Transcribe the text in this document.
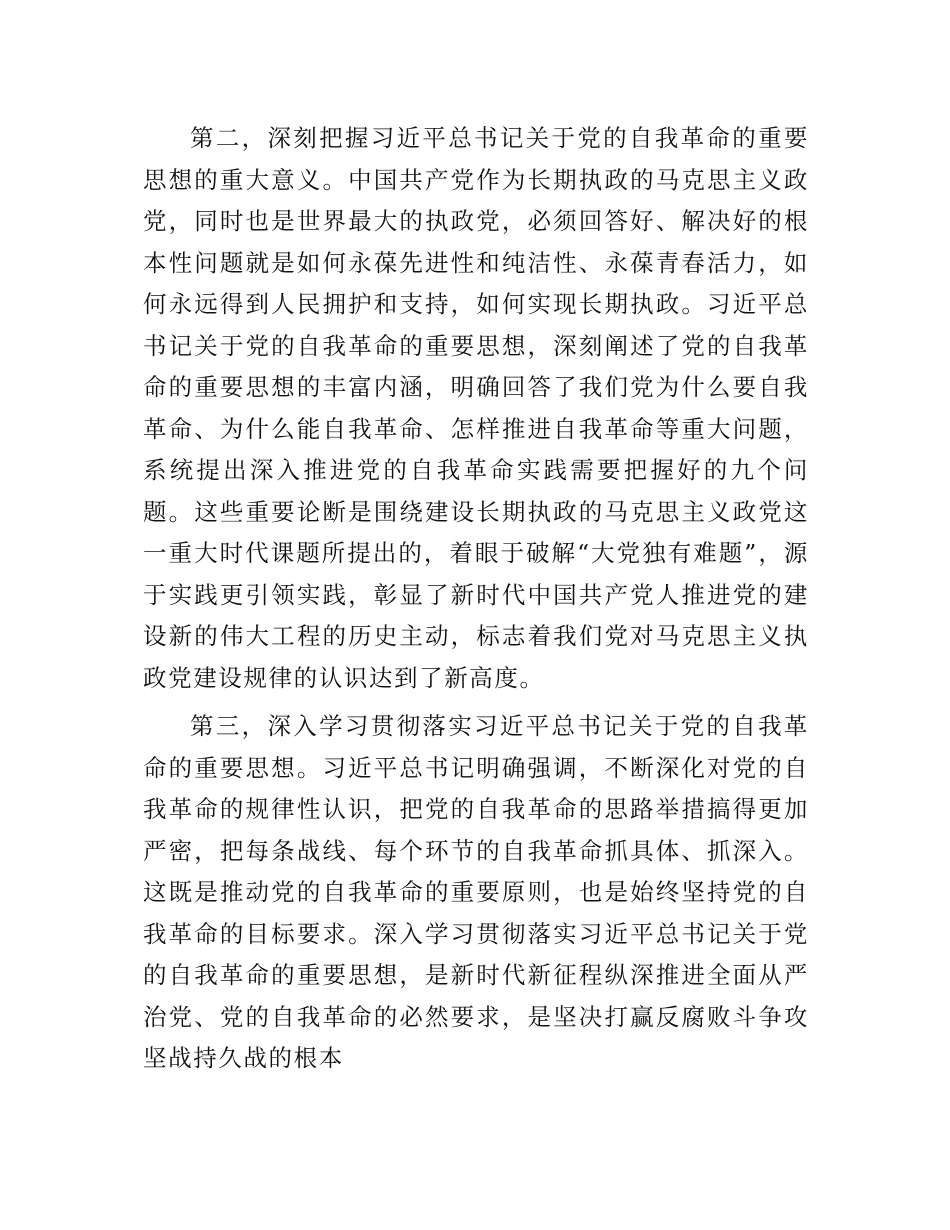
第二，深刻把握习近平总书记关于党的自我革命的重要思想的重大意义。中国共产党作为长期执政的马克思主义政党，同时也是世界最大的执政党，必须回答好、解决好的根本性问题就是如何永葆先进性和纯洁性、永葆青春活力，如何永远得到人民拥护和支持，如何实现长期执政。习近平总书记关于党的自我革命的重要思想，深刻阐述了党的自我革命的重要思想的丰富内涵，明确回答了我们党为什么要自我革命、为什么能自我革命、怎样推进自我革命等重大问题，系统提出深入推进党的自我革命实践需要把握好的九个问题。这些重要论断是围绕建设长期执政的马克思主义政党这一重大时代课题所提出的，着眼于破解“大党独有难题”，源于实践更引领实践，彰显了新时代中国共产党人推进党的建设新的伟大工程的历史主动，标志着我们党对马克思主义执政党建设规律的认识达到了新高度。

第三，深入学习贯彻落实习近平总书记关于党的自我革命的重要思想。习近平总书记明确强调，不断深化对党的自我革命的规律性认识，把党的自我革命的思路举措搞得更加严密，把每条战线、每个环节的自我革命抓具体、抓深入。这既是推动党的自我革命的重要原则，也是始终坚持党的自我革命的目标要求。深入学习贯彻落实习近平总书记关于党的自我革命的重要思想，是新时代新征程纵深推进全面从严治党、党的自我革命的必然要求，是坚决打赢反腐败斗争攻坚战持久战的根本
